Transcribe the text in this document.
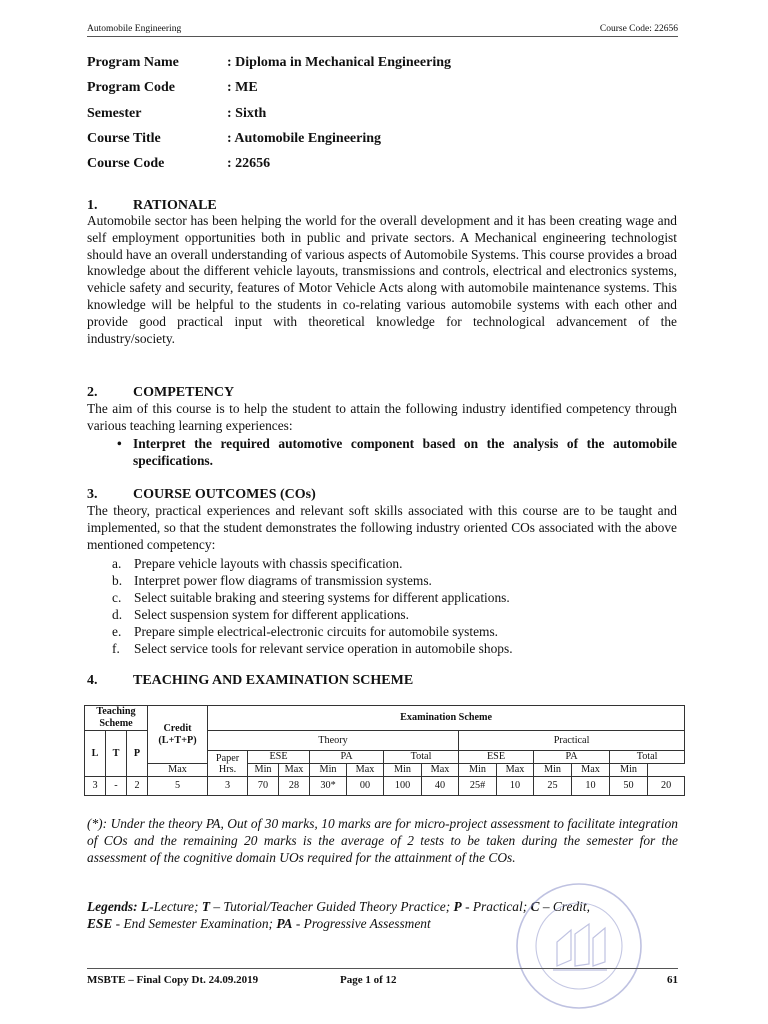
Automobile Engineering	Course Code: 22656
Program Name	: Diploma in Mechanical Engineering
Program Code	: ME
Semester	: Sixth
Course Title	: Automobile Engineering
Course Code	: 22656
1.	RATIONALE
Automobile sector has been helping the world for the overall development and it has been creating wage and self employment opportunities both in public and private sectors. A Mechanical engineering technologist should have an overall understanding of various aspects of Automobile Systems. This course provides a broad knowledge about the different vehicle layouts, transmissions and controls, electrical and electronics systems, vehicle safety and security, features of Motor Vehicle Acts along with automobile maintenance systems. This knowledge will be helpful to the students in co-relating various automobile systems with each other and provide good practical input with theoretical knowledge for technological advancement of the industry/society.
2.	COMPETENCY
The aim of this course is to help the student to attain the following industry identified competency through various teaching learning experiences:
• Interpret the required automotive component based on the analysis of the automobile specifications.
3.	COURSE OUTCOMES (COs)
The theory, practical experiences and relevant soft skills associated with this course are to be taught and implemented, so that the student demonstrates the following industry oriented COs associated with the above mentioned competency:
a. Prepare vehicle layouts with chassis specification.
b. Interpret power flow diagrams of transmission systems.
c. Select suitable braking and steering systems for different applications.
d. Select suspension system for different applications.
e. Prepare simple electrical-electronic circuits for automobile systems.
f. Select service tools for relevant service operation in automobile shops.
4.	TEACHING AND EXAMINATION SCHEME
Teaching Scheme			Credit (L+T+P)	Examination Scheme												
L	T	P		Theory							Practical					
				Paper Hrs.	ESE		PA		Total		ESE		PA		Total	
			Max		Min	Max	Min	Max	Min	Max	Min	Max	Min	Max	Min	
3	-	2	5	3	70	28	30*	00	100	40	25#	10	25	10	50	20
(*): Under the theory PA, Out of 30 marks, 10 marks are for micro-project assessment to facilitate integration of COs and the remaining 20 marks is the average of 2 tests to be taken during the semester for the assessment of the cognitive domain UOs required for the attainment of the COs.
Legends: L-Lecture; T – Tutorial/Teacher Guided Theory Practice; P - Practical; C – Credit,
ESE - End Semester Examination; PA - Progressive Assessment
MSBTE – Final Copy Dt. 24.09.2019	Page 1 of 12	61
